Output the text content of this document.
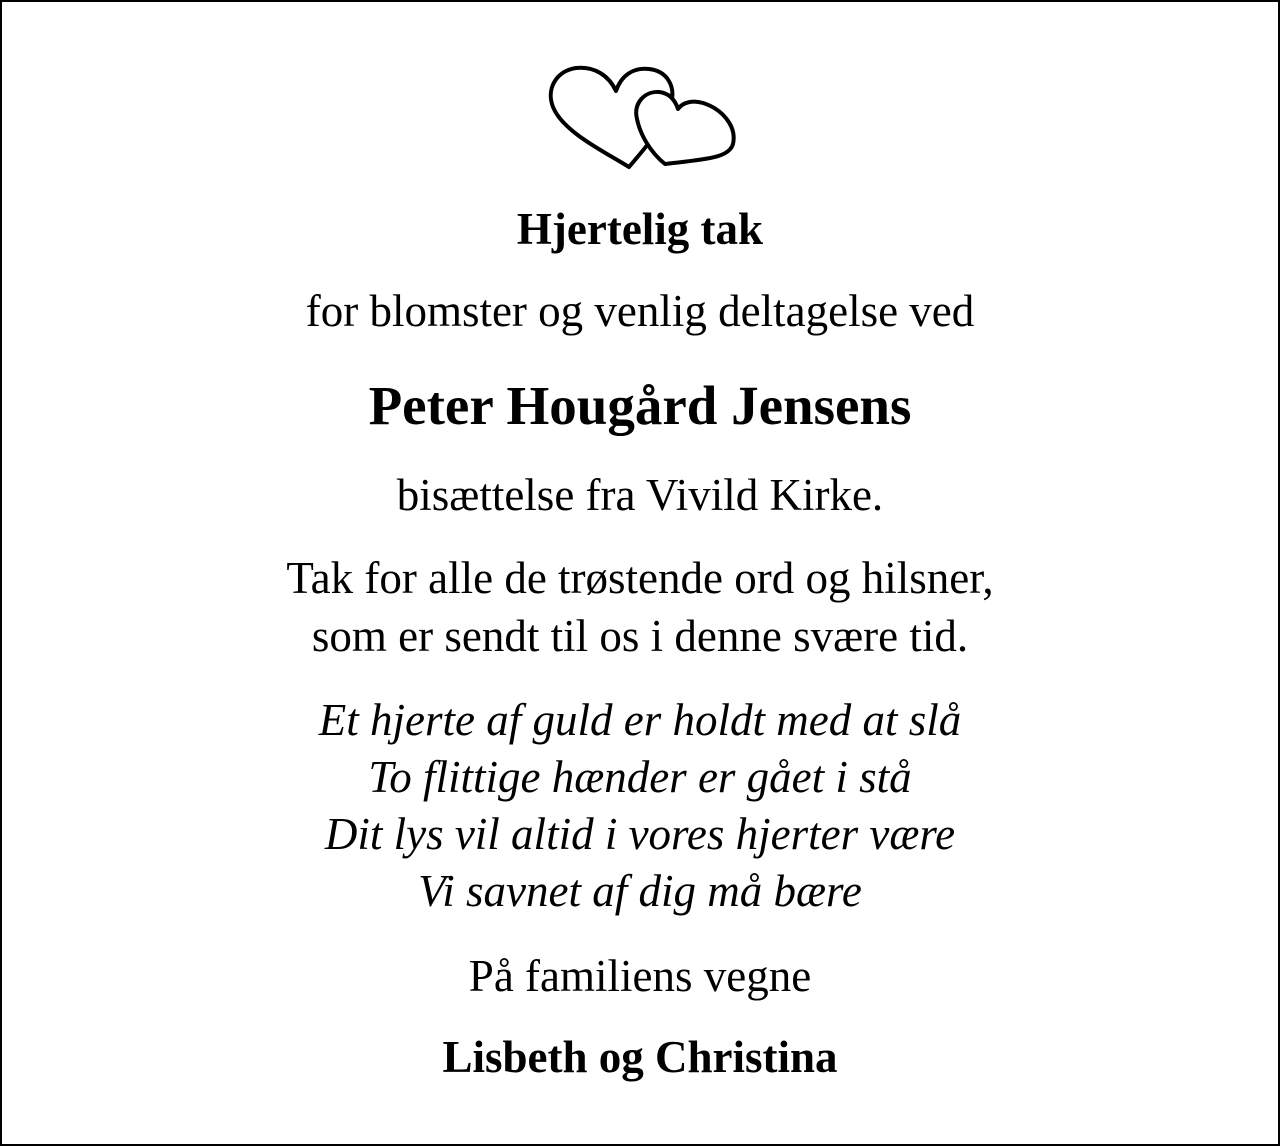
Hjertelig tak
for blomster og venlig deltagelse ved
Peter Hougård Jensens
bisættelse fra Vivild Kirke.
Tak for alle de trøstende ord og hilsner,
som er sendt til os i denne svære tid.
Et hjerte af guld er holdt med at slå
To flittige hænder er gået i stå
Dit lys vil altid i vores hjerter være
Vi savnet af dig må bære
På familiens vegne
Lisbeth og Christina
